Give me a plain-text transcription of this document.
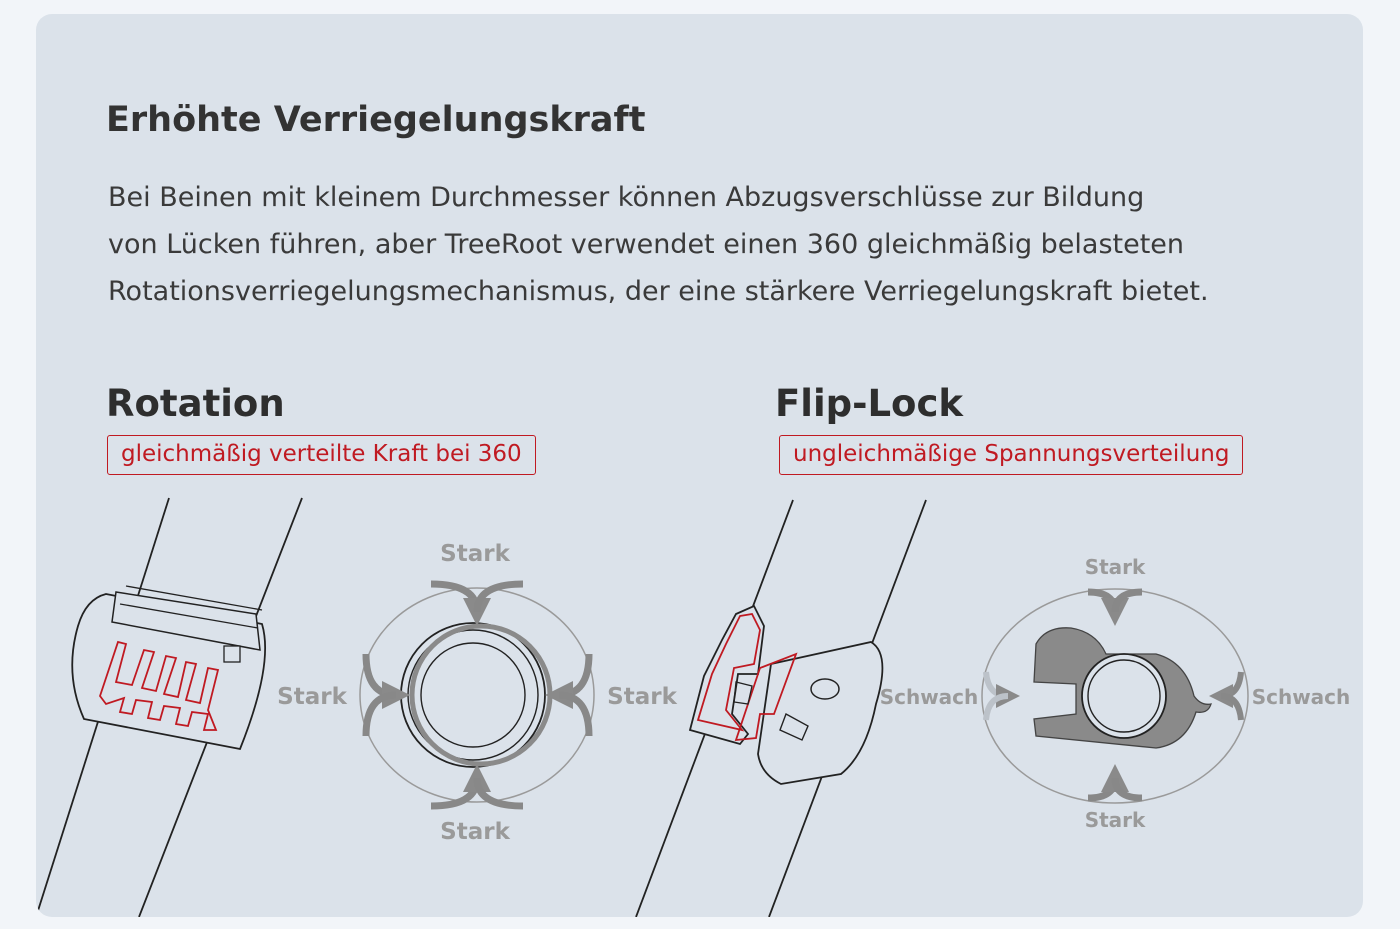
Erhöhte Verriegelungskraft

Bei Beinen mit kleinem Durchmesser können Abzugsverschlüsse zur Bildung
von Lücken führen, aber TreeRoot verwendet einen 360 gleichmäßig belasteten
Rotationsverriegelungsmechanismus, der eine stärkere Verriegelungskraft bietet.

Stark
Stark	Stark
Stark
Stark
Schwach	Schwach
Stark
Rotation
gleichmäßig verteilte Kraft bei 360
Flip-Lock
ungleichmäßige Spannungsverteilung
